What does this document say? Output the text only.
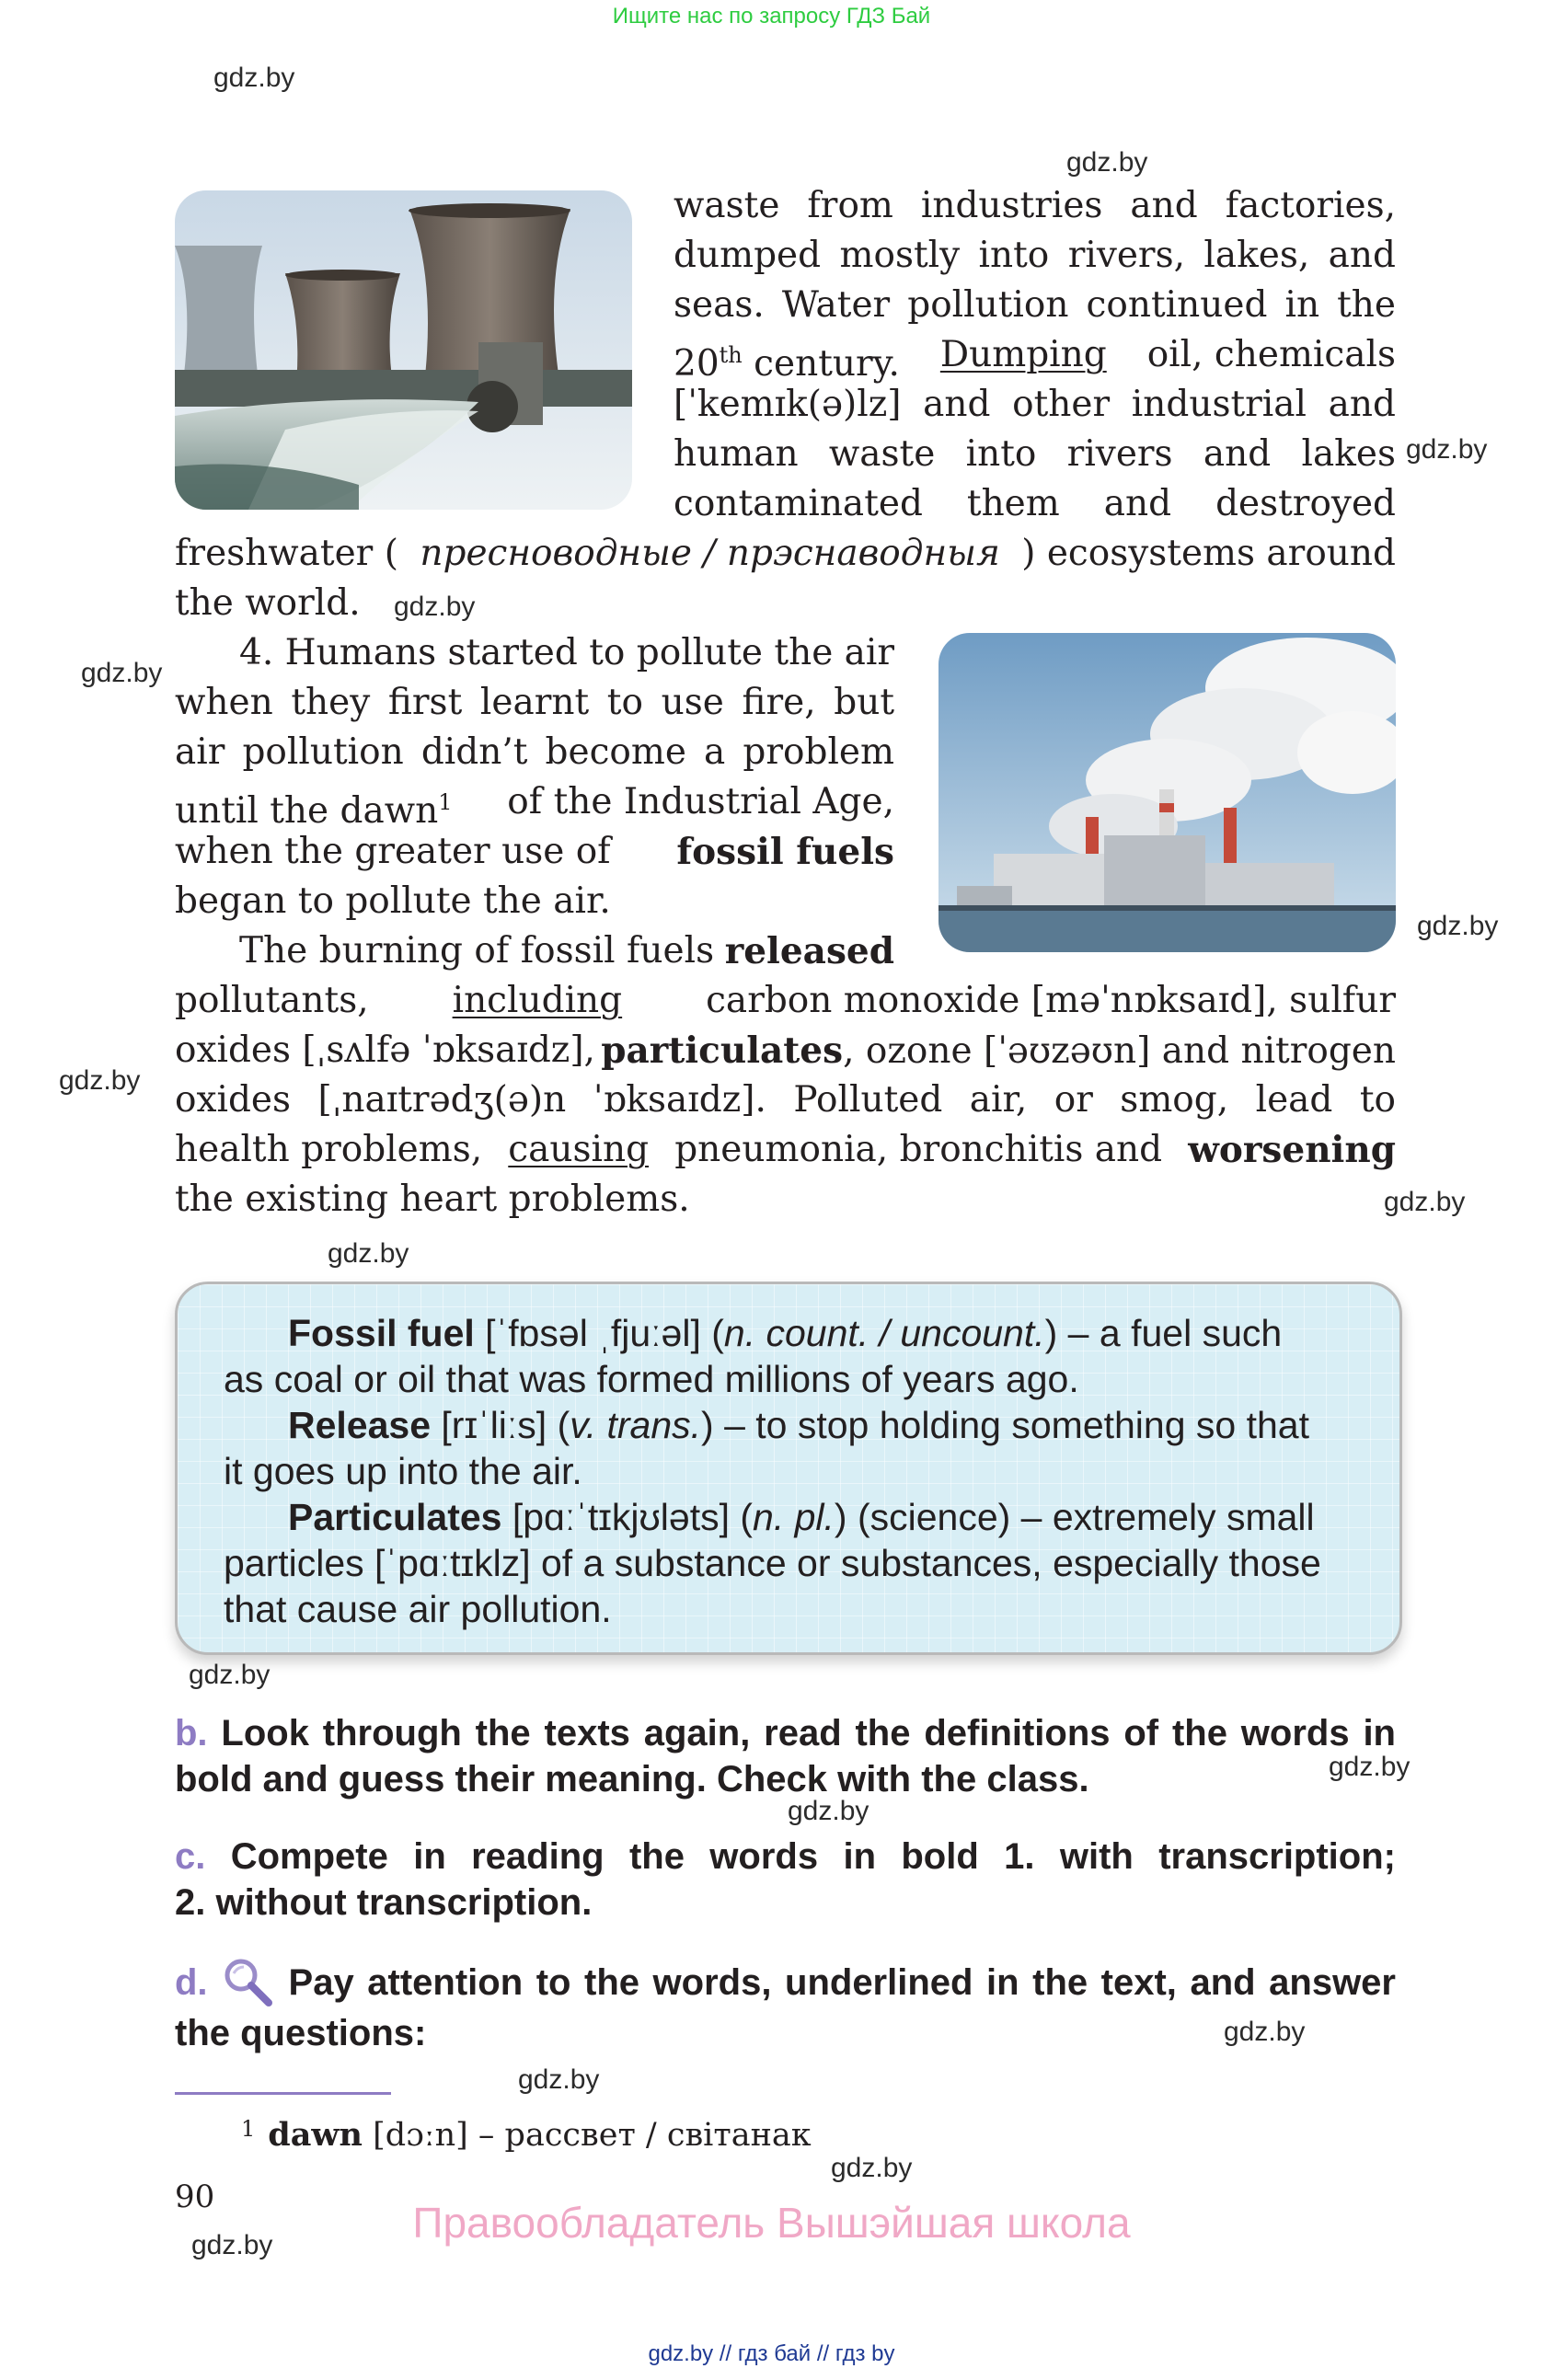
Ищите нас по запросу ГДЗ Бай
gdz.by
gdz.by
gdz.by
gdz.by
gdz.by
gdz.by
gdz.by
gdz.by
gdz.by
gdz.by
gdz.by
gdz.by
gdz.by
gdz.by
gdz.by
gdz.by
waste from industries and factories,
dumped mostly into rivers, lakes, and
seas. Water pollution continued in the
20th century. Dumping oil, chemicals
[ˈkemɪk(ə)lz] and other industrial and
human waste into rivers and lakes
contaminated them and destroyed
freshwater ( пресноводные / прэснаводныя ) ecosystems around
the world.
4. Humans started to pollute the air
when they first learnt to use fire, but
air pollution didn’t become a problem
until the dawn$^1$ of the Industrial Age,
when the greater use of fossil fuels
began to pollute the air.
The burning of fossil fuels released
pollutants, including carbon monoxide [məˈnɒksaɪd], sulfur
oxides [ˌsʌlfə ˈɒksaɪdz], particulates, ozone [ˈəʊzəʊn] and nitrogen
oxides [ˌnaɪtrədʒ(ə)n ˈɒksaɪdz]. Polluted air, or smog, lead to
health problems, causing pneumonia, bronchitis and worsening
the existing heart problems.
Fossil fuel [ˈfɒsəl ˌfjuːəl] (n. count. / uncount.) – a fuel such
as coal or oil that was formed millions of years ago.
Release [rɪˈliːs] (v. trans.) – to stop holding something so that
it goes up into the air.
Particulates [pɑːˈtɪkjʊləts] (n. pl.) (science) – extremely small
particles [ˈpɑːtɪklz] of a substance or substances, especially those
that cause air pollution.
b. Look through the texts again, read the definitions of the words in
bold and guess their meaning. Check with the class.
c. Compete in reading the words in bold 1. with transcription;
2. without transcription.
d. Pay attention to the words, underlined in the text, and answer
the questions:
$^1$ dawn [dɔːn] – рассвет / світанак
90
Правообладатель Вышэйшая школа
gdz.by // гдз бай // гдз by
